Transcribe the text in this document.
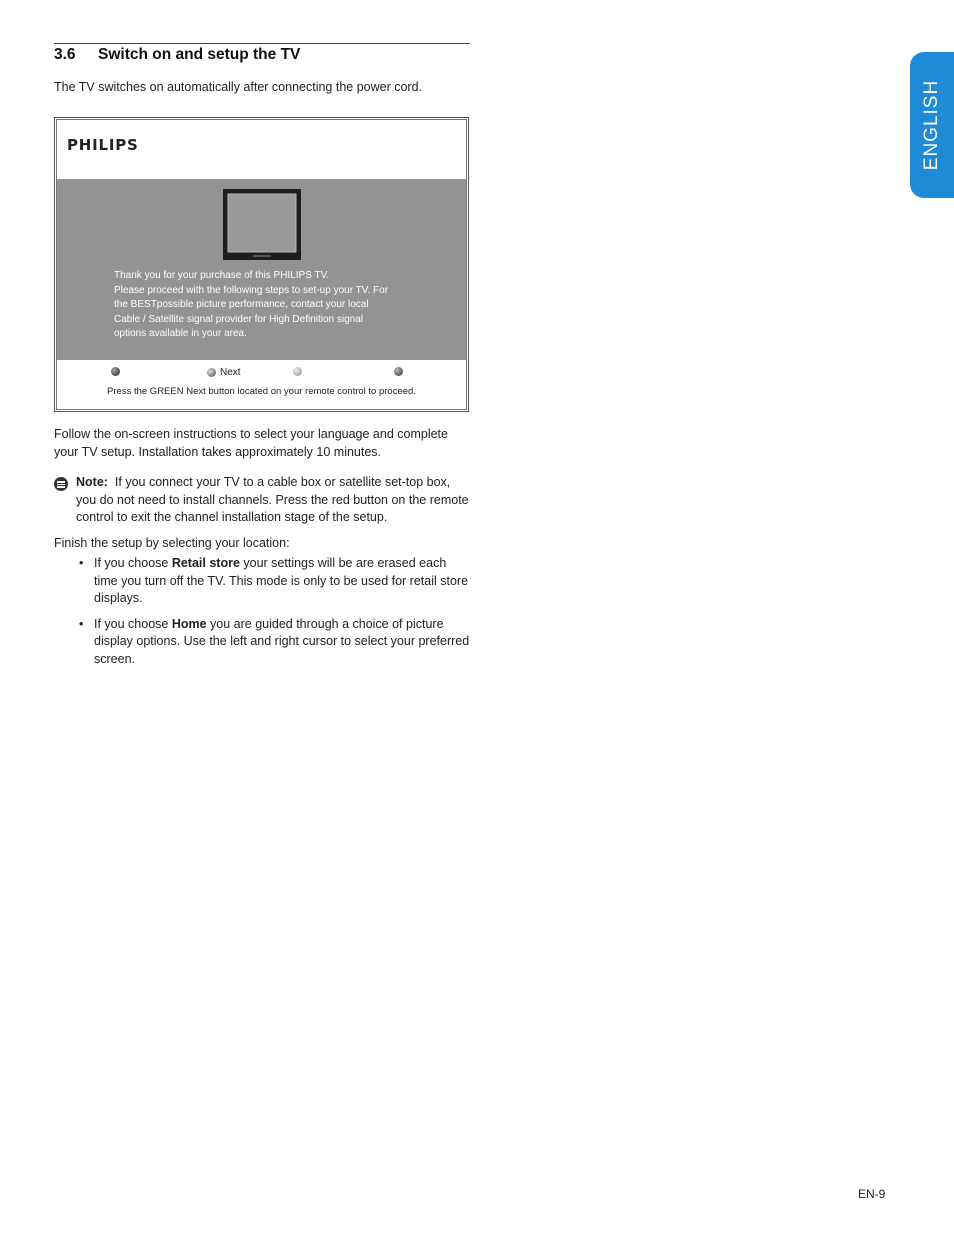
3.6 Switch on and setup the TV
The TV switches on automatically after connecting the power cord.
PHILIPS
Thank you for your purchase of this PHILIPS TV.
Please proceed with the following steps to set-up your TV. For
the BESTpossible picture performance, contact your local
Cable / Satellite signal provider for High Definition signal
options available in your area.
Next
Press the GREEN Next button located on your remote control to proceed.
Follow the on-screen instructions to select your language and complete your TV setup. Installation takes approximately 10 minutes.
Note: If you connect your TV to a cable box or satellite set-top box, you do not need to install channels. Press the red button on the remote control to exit the channel installation stage of the setup.
Finish the setup by selecting your location:
• If you choose Retail store your settings will be are erased each time you turn off the TV. This mode is only to be used for retail store displays.
• If you choose Home you are guided through a choice of picture display options. Use the left and right cursor to select your preferred screen.
ENGLISH
EN-9
